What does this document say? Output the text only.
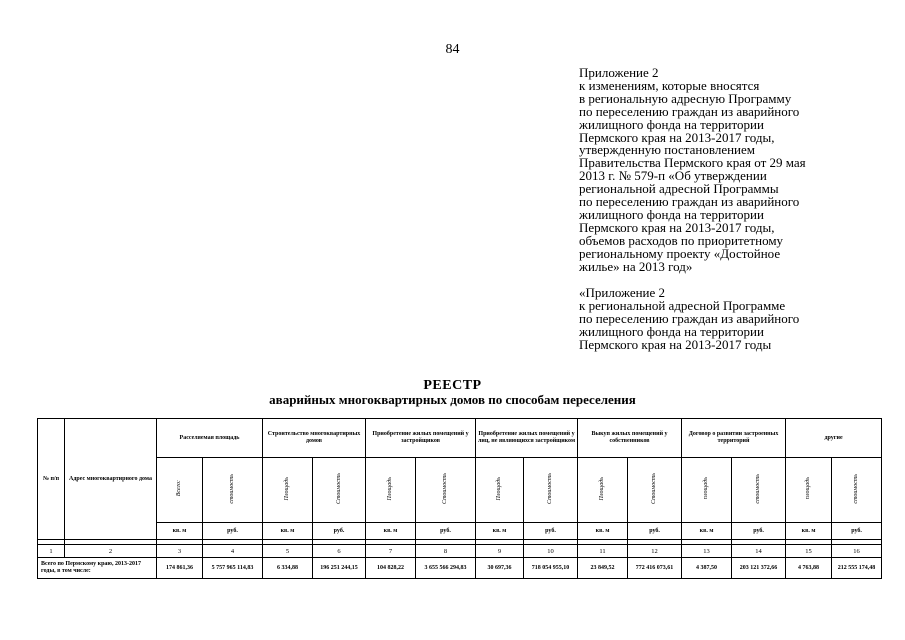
84
Приложение 2
к изменениям, которые вносятся
в региональную адресную Программу
по переселению граждан из аварийного
жилищного фонда на территории
Пермского края на 2013-2017 годы,
утвержденную постановлением
Правительства Пермского края от 29 мая
2013 г. № 579-п «Об утверждении
региональной адресной Программы
по переселению граждан из аварийного
жилищного фонда на территории
Пермского края на 2013-2017 годы,
объемов расходов по приоритетному
региональному проекту «Достойное
жилье» на 2013 год»
«Приложение 2
к региональной адресной Программе
по переселению граждан из аварийного
жилищного фонда на территории
Пермского края на 2013-2017 годы
РЕЕСТР
аварийных многоквартирных домов по способам переселения
№ п/п	Адрес многоквартирного дома	Расселяемая площадь		Строительство многоквартирных домов		Приобретение жилых помещений у застройщиков		Приобретение жилых помещений у лиц, не являющихся застройщиком		Выкуп жилых помещений у собственников		Договор о развитии застроенных территорий		другие	
		Всего:	стоимость	Площадь	Стоимость	Площадь	Стоимость	Площадь	Стоимость	Площадь	Стоимость	площадь	стоимость	площадь	стоимость
		кв. м	руб.	кв. м	руб.	кв. м	руб.	кв. м	руб.	кв. м	руб.	кв. м	руб.	кв. м	руб.

1	2	3	4	5	6	7	8	9	10	11	12	13	14	15	16
Всего по Пермскому краю, 2013-2017 годы, в том числе:		174 861,36	5 757 965 114,83	6 334,88	196 251 244,15	104 828,22	3 655 566 294,83	30 697,36	718 054 955,10	23 849,52	772 416 073,61	4 387,50	203 121 372,66	4 763,88	212 555 174,48
